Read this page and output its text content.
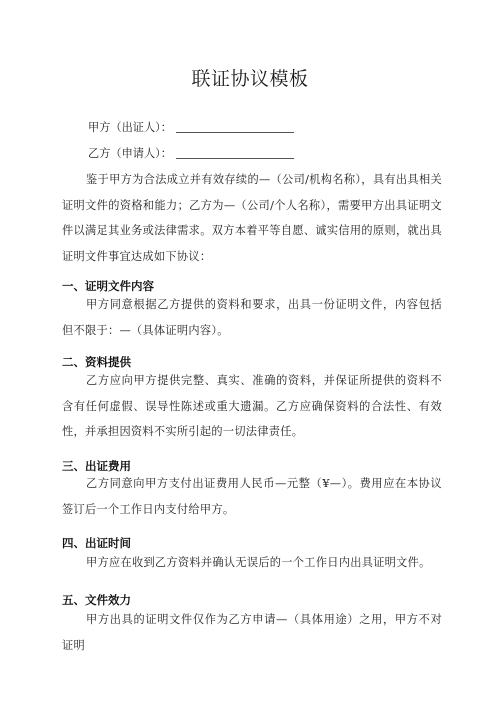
联证协议模板
甲方（出证人）：
乙方（申请人）：
鉴于甲方为合法成立并有效存续的—（公司/机构名称），具有出具相关证明文件的资格和能力；乙方为—（公司/个人名称），需要甲方出具证明文件以满足其业务或法律需求。双方本着平等自愿、诚实信用的原则，就出具证明文件事宜达成如下协议：
一、证明文件内容
甲方同意根据乙方提供的资料和要求，出具一份证明文件，内容包括但不限于：—（具体证明内容）。
二、资料提供
乙方应向甲方提供完整、真实、准确的资料，并保证所提供的资料不含有任何虚假、误导性陈述或重大遗漏。乙方应确保资料的合法性、有效性，并承担因资料不实所引起的一切法律责任。
三、出证费用
乙方同意向甲方支付出证费用人民币—元整（¥—）。费用应在本协议签订后一个工作日内支付给甲方。
四、出证时间
甲方应在收到乙方资料并确认无误后的一个工作日内出具证明文件。
五、文件效力
甲方出具的证明文件仅作为乙方申请—（具体用途）之用，甲方不对证明
